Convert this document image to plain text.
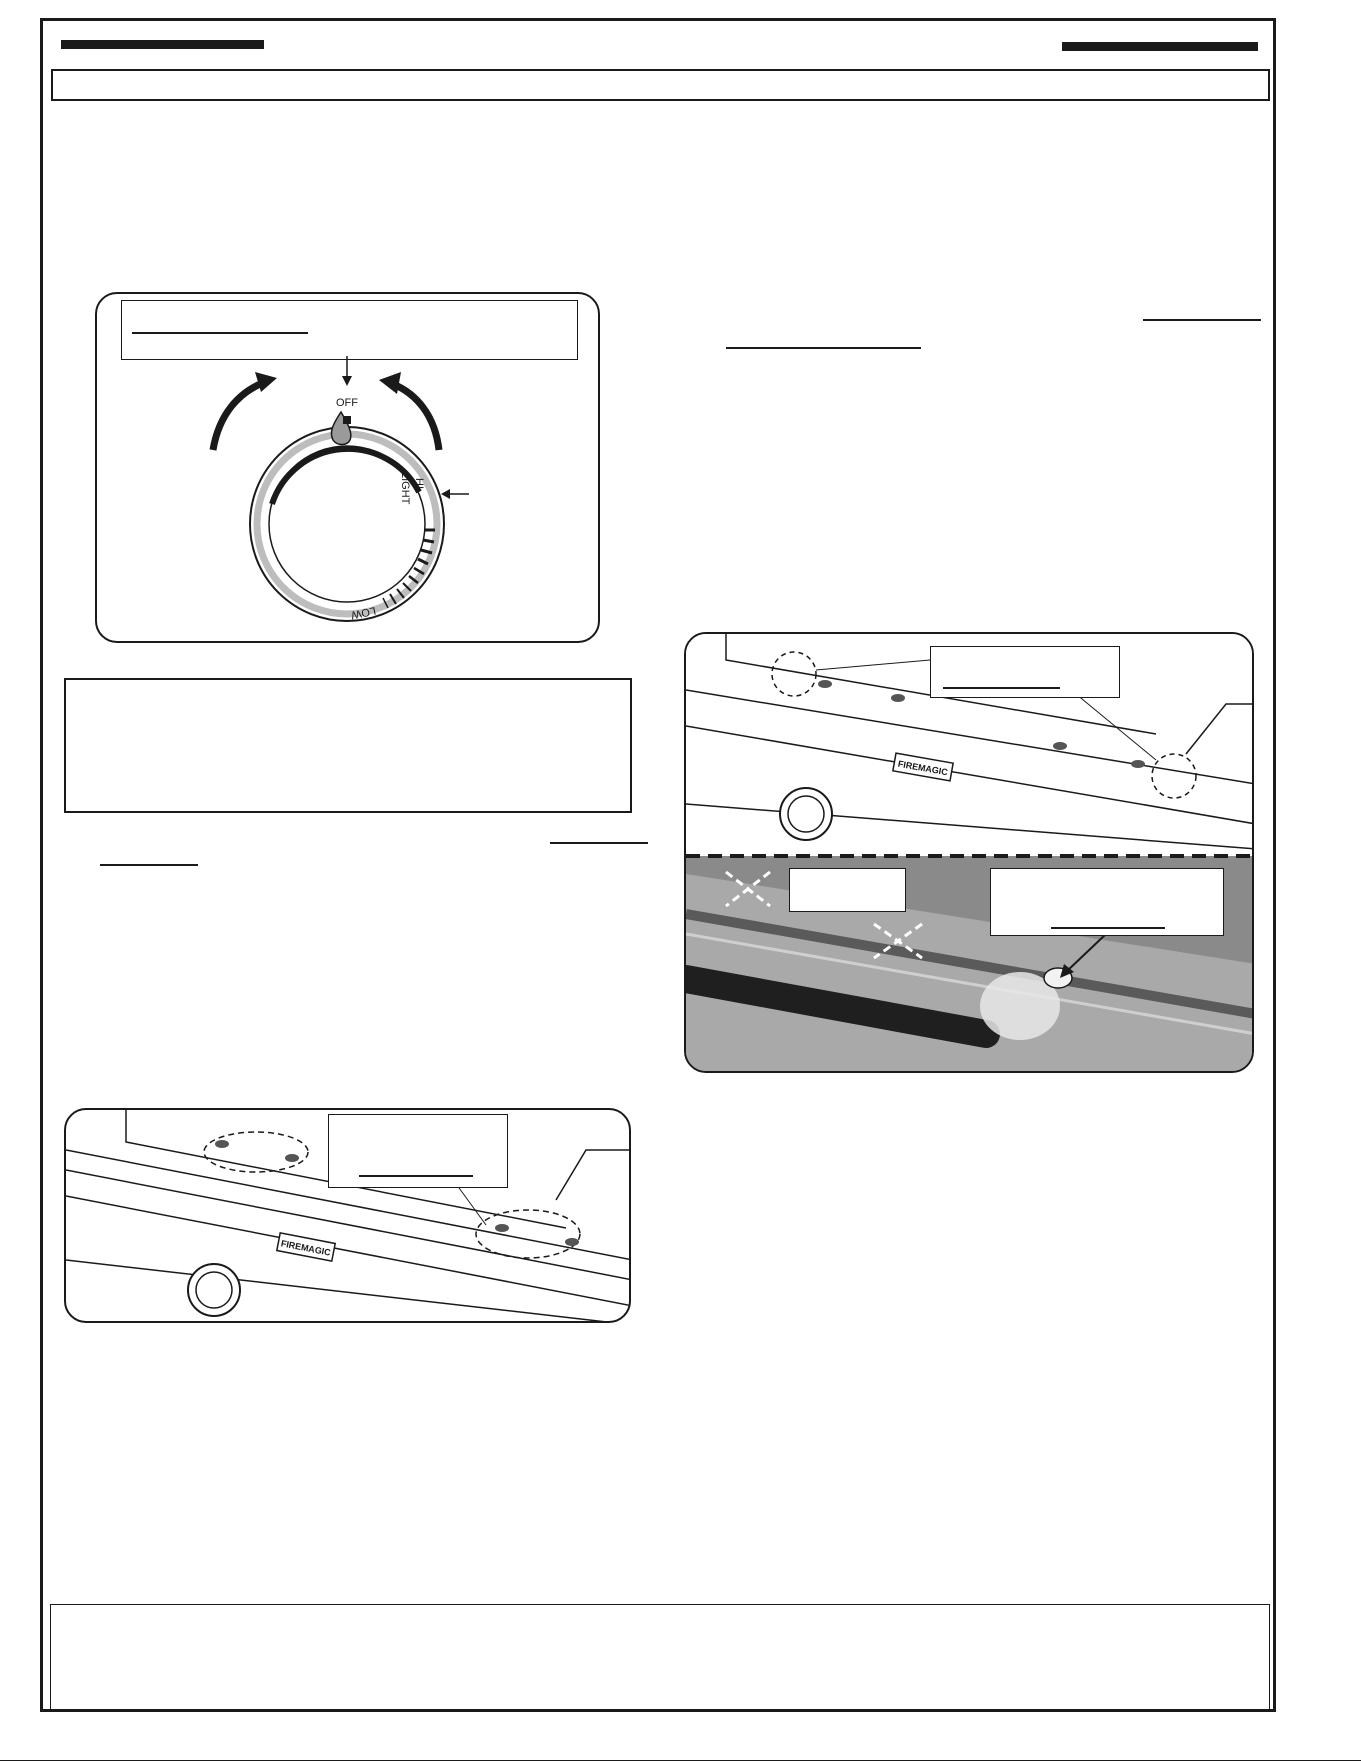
OFF
HI
LIGHT
LOW
FIREMAGIC
FIREMAGIC
